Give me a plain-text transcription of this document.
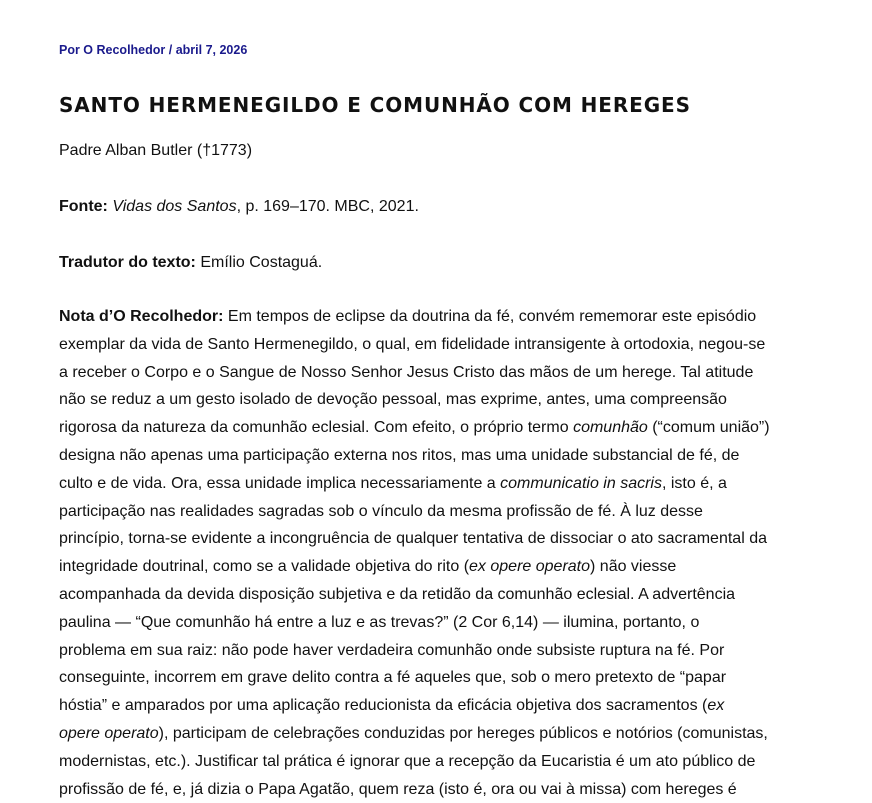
Por O Recolhedor / abril 7, 2026
SANTO HERMENEGILDO E COMUNHÃO COM HEREGES

Padre Alban Butler (†1773)

Fonte: Vidas dos Santos, p. 169–170. MBC, 2021.

Tradutor do texto: Emílio Costaguá.

Nota d’O Recolhedor: Em tempos de eclipse da doutrina da fé, convém rememorar este episódio
exemplar da vida de Santo Hermenegildo, o qual, em fidelidade intransigente à ortodoxia, negou-se
a receber o Corpo e o Sangue de Nosso Senhor Jesus Cristo das mãos de um herege. Tal atitude
não se reduz a um gesto isolado de devoção pessoal, mas exprime, antes, uma compreensão
rigorosa da natureza da comunhão eclesial. Com efeito, o próprio termo comunhão (“comum união”)
designa não apenas uma participação externa nos ritos, mas uma unidade substancial de fé, de
culto e de vida. Ora, essa unidade implica necessariamente a communicatio in sacris, isto é, a
participação nas realidades sagradas sob o vínculo da mesma profissão de fé. À luz desse
princípio, torna-se evidente a incongruência de qualquer tentativa de dissociar o ato sacramental da
integridade doutrinal, como se a validade objetiva do rito (ex opere operato) não viesse
acompanhada da devida disposição subjetiva e da retidão da comunhão eclesial. A advertência
paulina — “Que comunhão há entre a luz e as trevas?” (2 Cor 6,14) — ilumina, portanto, o
problema em sua raiz: não pode haver verdadeira comunhão onde subsiste ruptura na fé. Por
conseguinte, incorrem em grave delito contra a fé aqueles que, sob o mero pretexto de “papar
hóstia” e amparados por uma aplicação reducionista da eficácia objetiva dos sacramentos (ex
opere operato), participam de celebrações conduzidas por hereges públicos e notórios (comunistas,
modernistas, etc.). Justificar tal prática é ignorar que a recepção da Eucaristia é um ato público de
profissão de fé, e, já dizia o Papa Agatão, quem reza (isto é, ora ou vai à missa) com hereges é
